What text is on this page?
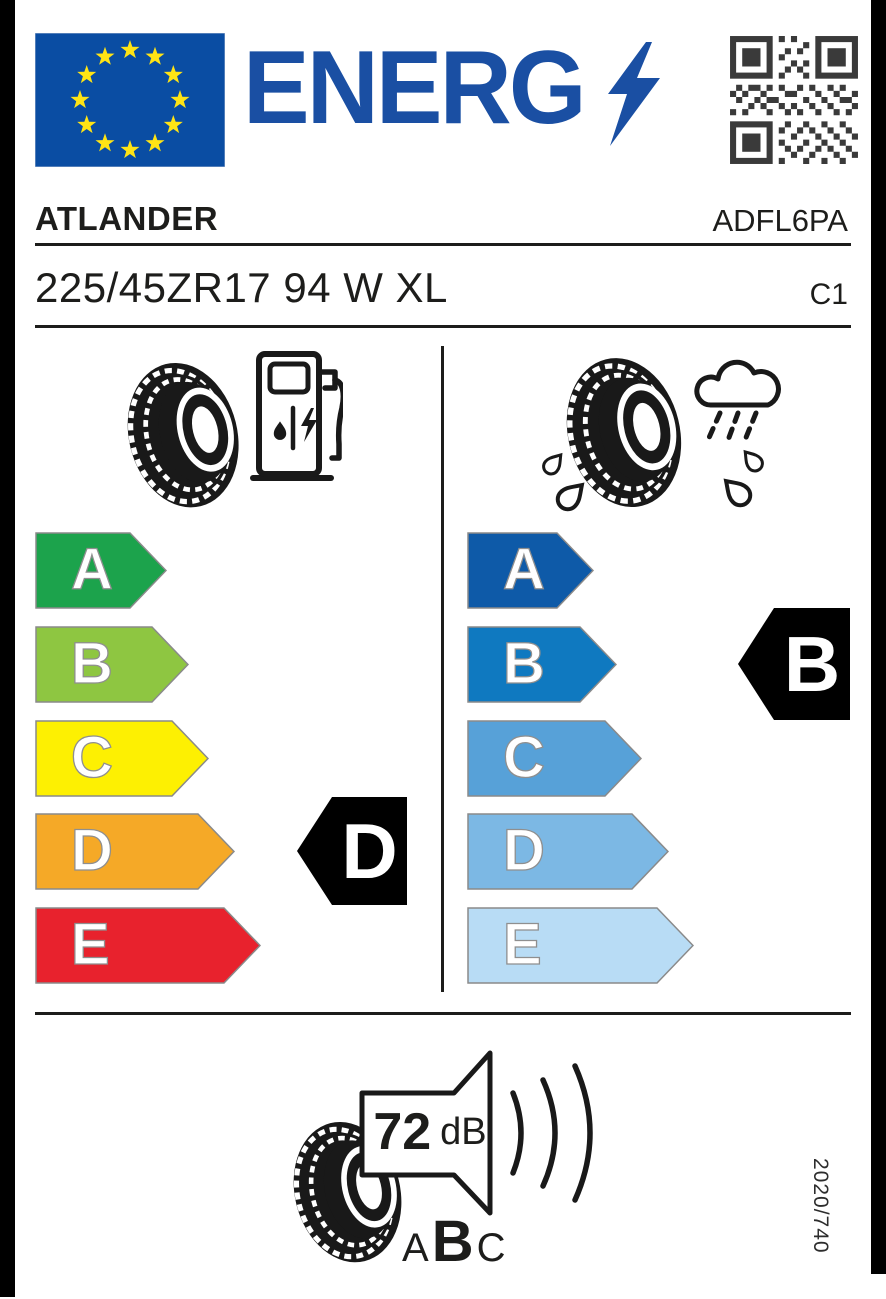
ENERG
ATLANDER	ADFL6PA
225/45ZR17 94 W XL	C1
A
B
C
D
E
A
B
C
D
E
D
B
72 dB
A B C	2020/740
